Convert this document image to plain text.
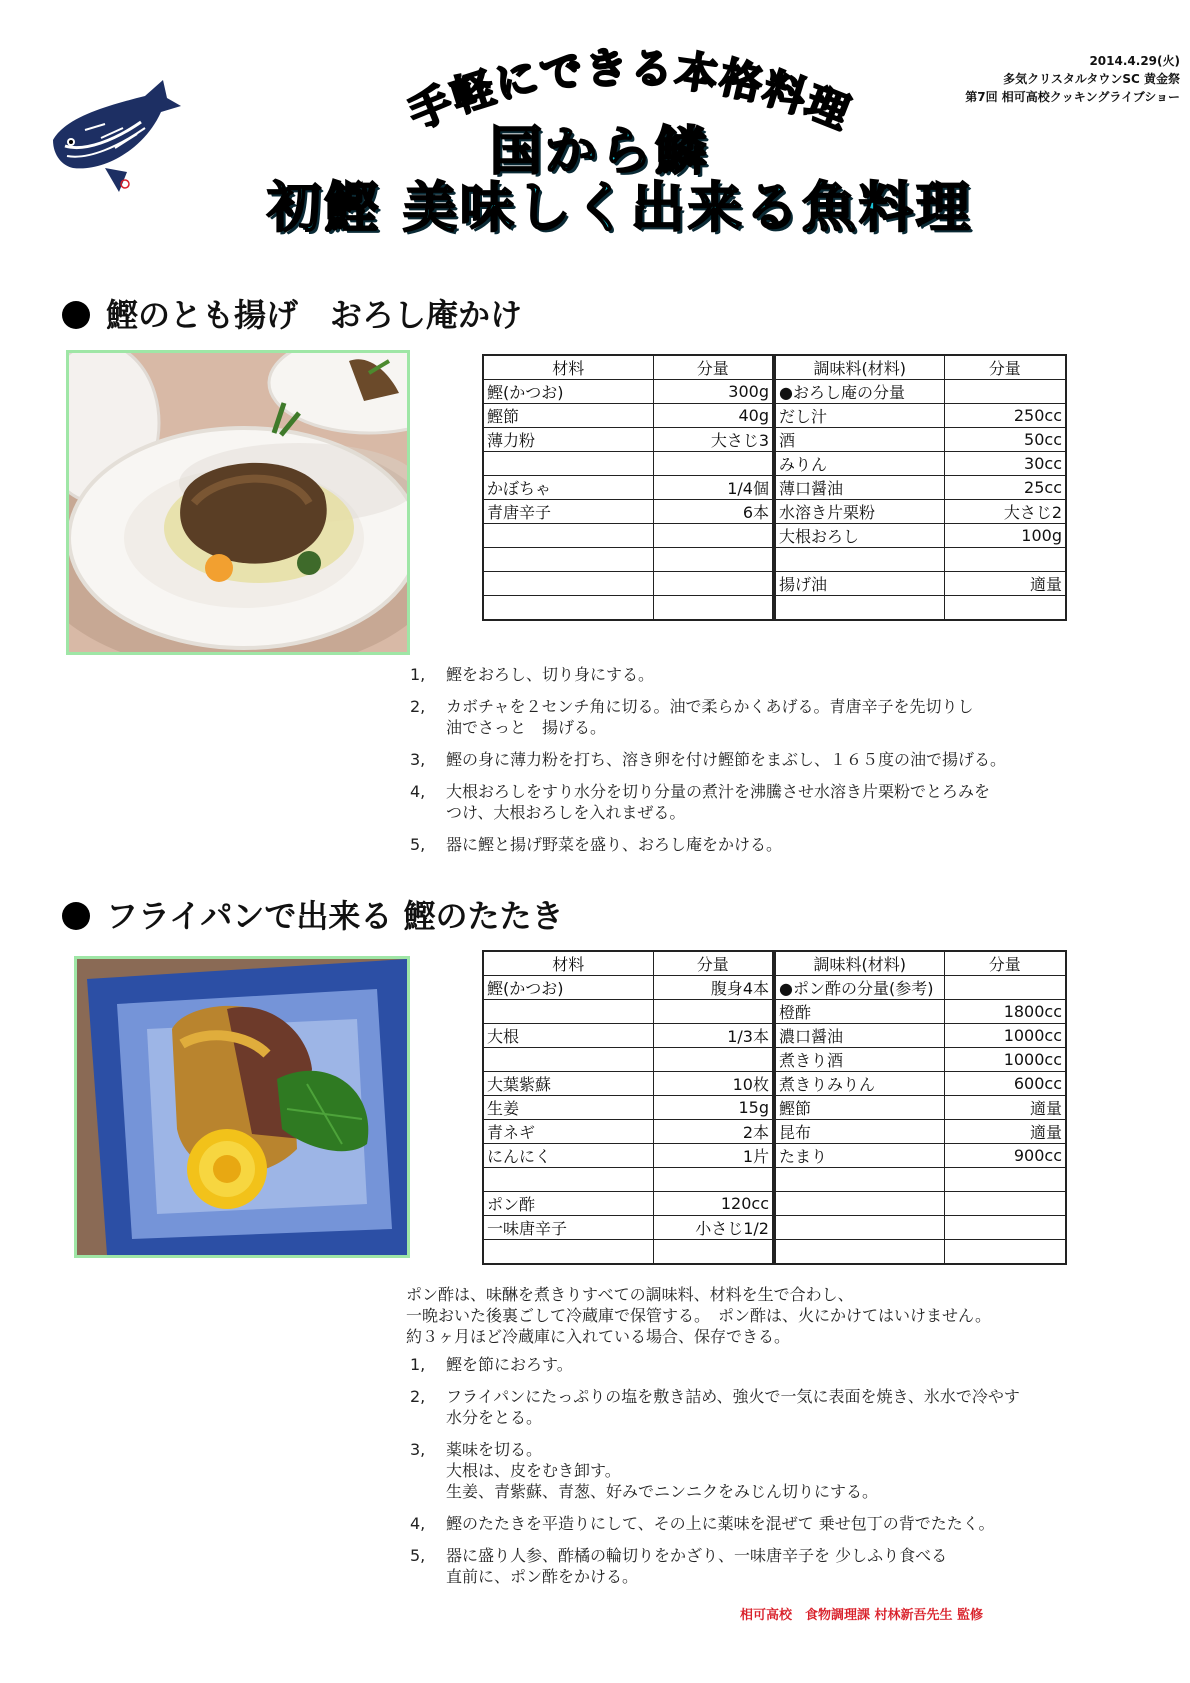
手軽にできる本格料理
2014.4.29(火)
多気クリスタルタウンSC 黄金祭
第7回 相可高校クッキングライブショー
国から鱗
初鰹 美味しく出来る魚料理
鰹のとも揚げ　おろし庵かけ
材料	分量	調味料(材料)	分量
鰹(かつお)	300g	●おろし庵の分量	
鰹節	40g	だし汁	250cc
薄力粉	大さじ3	酒	50cc
		みりん	30cc
かぼちゃ	1/4個	薄口醤油	25cc
青唐辛子	6本	水溶き片栗粉	大さじ2
		大根おろし	100g

		揚げ油	適量

1,	鰹をおろし、切り身にする。
2,	カボチャを２センチ角に切る。油で柔らかくあげる。青唐辛子を先切りし
油でさっと　揚げる。
3,	鰹の身に薄力粉を打ち、溶き卵を付け鰹節をまぶし、１６５度の油で揚げる。
4,	大根おろしをすり水分を切り分量の煮汁を沸騰させ水溶き片栗粉でとろみを
つけ、大根おろしを入れまぜる。
5,	器に鰹と揚げ野菜を盛り、おろし庵をかける。
フライパンで出来る 鰹のたたき
材料	分量	調味料(材料)	分量
鰹(かつお)	腹身4本	●ポン酢の分量(参考)	
		橙酢	1800cc
大根	1/3本	濃口醤油	1000cc
		煮きり酒	1000cc
大葉紫蘇	10枚	煮きりみりん	600cc
生姜	15g	鰹節	適量
青ネギ	2本	昆布	適量
にんにく	1片	たまり	900cc

ポン酢	120cc		
一味唐辛子	小さじ1/2		

ポン酢は、味醂を煮きりすべての調味料、材料を生で合わし、
一晩おいた後裏ごして冷蔵庫で保管する。　ポン酢は、火にかけてはいけません。
約３ヶ月ほど冷蔵庫に入れている場合、保存できる。
1,	鰹を節におろす。
2,	フライパンにたっぷりの塩を敷き詰め、強火で一気に表面を焼き、氷水で冷やす
水分をとる。
3,	薬味を切る。
大根は、皮をむき卸す。
生姜、青紫蘇、青葱、好みでニンニクをみじん切りにする。
4,	鰹のたたきを平造りにして、その上に薬味を混ぜて 乗せ包丁の背でたたく。
5,	器に盛り人参、酢橘の輪切りをかざり、一味唐辛子を 少しふり食べる
直前に、ポン酢をかける。
相可高校　食物調理課 村林新吾先生 監修
